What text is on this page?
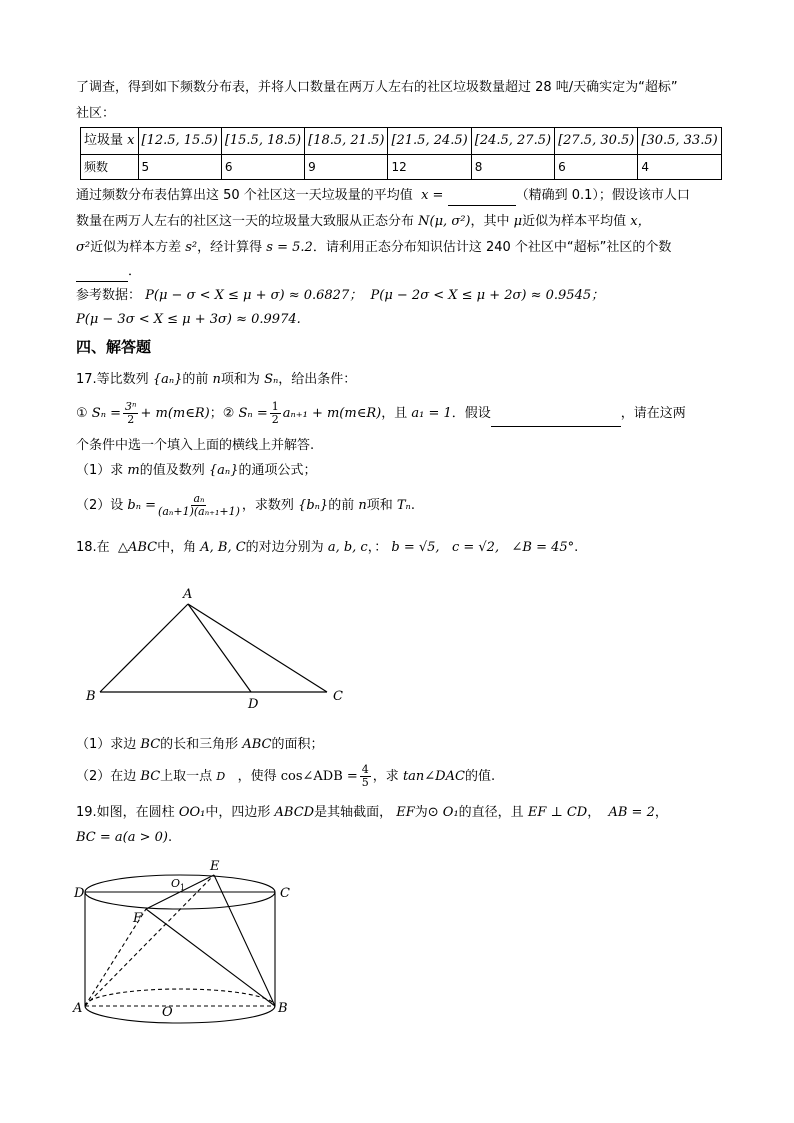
了调查，得到如下频数分布表，并将人口数量在两万人左右的社区垃圾数量超过 28 吨/天确实定为“超标”
社区：
垃圾量 x	[12.5, 15.5)	[15.5, 18.5)	[18.5, 21.5)	[21.5, 24.5)	[24.5, 27.5)	[27.5, 30.5)	[30.5, 33.5)
频数	5	6	9	12	8	6	4
通过频数分布表估算出这 50 个社区这一天垃圾量的平均值 x =	（精确到 0.1）；假设该市人口
数量在两万人左右的社区这一天的垃圾量大致服从正态分布 N(μ, σ²)，其中 μ近似为样本平均值 x，
σ²近似为样本方差 s²，经计算得 s = 5.2．请利用正态分布知识估计这 240 个社区中“超标”社区的个数
．
参考数据： P(μ − σ < X ≤ μ + σ) ≈ 0.6827； P(μ − 2σ < X ≤ μ + 2σ) ≈ 0.9545；
P(μ − 3σ < X ≤ μ + 3σ) ≈ 0.9974.
四、解答题
17.等比数列 {aₙ}的前 n项和为 Sₙ，给出条件：
① $S_n = \frac{\text{3ⁿ}}{2}$ + m(m∈R)；② $S_n = \frac{1}{2} a_{n+1}$ + m(m∈R)，且 a₁ = 1．假设	，请在这两
个条件中选一个填入上面的横线上并解答.
（1）求 m的值及数列 {aₙ}的通项公式；
（2）设 $b_n = \frac{\text{aₙ}}{\text{(aₙ+1)(aₙ₊₁+1)}}$ ，求数列 {bₙ}的前 n项和 Tₙ.
18.在 △ABC中，角 A, B, C的对边分别为 a, b, c，： b = √5, c = √2, ∠B = 45°.
A
B	C
D
（1）求边 BC的长和三角形 ABC的面积；
（2）在边 BC上取一点 D ，使得 cos∠ADB = $\frac{4}{5}$ ，求 tan∠DAC的值.
19.如图，在圆柱 OO₁中，四边形 ABCD是其轴截面， EF为⊙ O₁的直径，且 EF ⊥ CD， AB = 2，
BC = a(a > 0).
D	C
E
$O_1$
F
A	B
O
